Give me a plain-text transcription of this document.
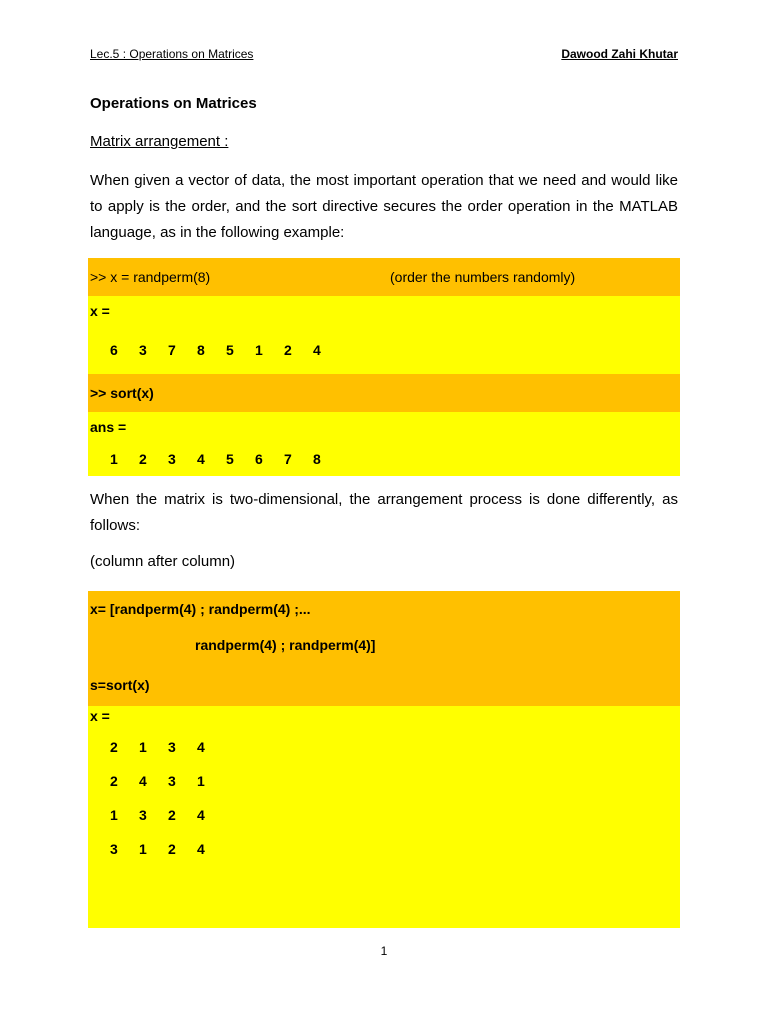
Lec.5 : Operations on Matrices	Dawood Zahi Khutar
Operations on Matrices
Matrix arrangement :
When given a vector of data, the most important operation that we need and would like to apply is the order, and the sort directive secures the order operation in the MATLAB language, as in the following example:
>> x = randperm(8)	(order the numbers randomly)
x =
6	3	7	8	5	1	2	4
>> sort(x)
ans =
1	2	3	4	5	6	7	8
When the matrix is two-dimensional, the arrangement process is done differently, as follows:
(column after column)
x= [randperm(4) ; randperm(4) ;...
randperm(4) ; randperm(4)]
s=sort(x)
x =
2	1	3	4
2	4	3	1
1	3	2	4
3	1	2	4
1
